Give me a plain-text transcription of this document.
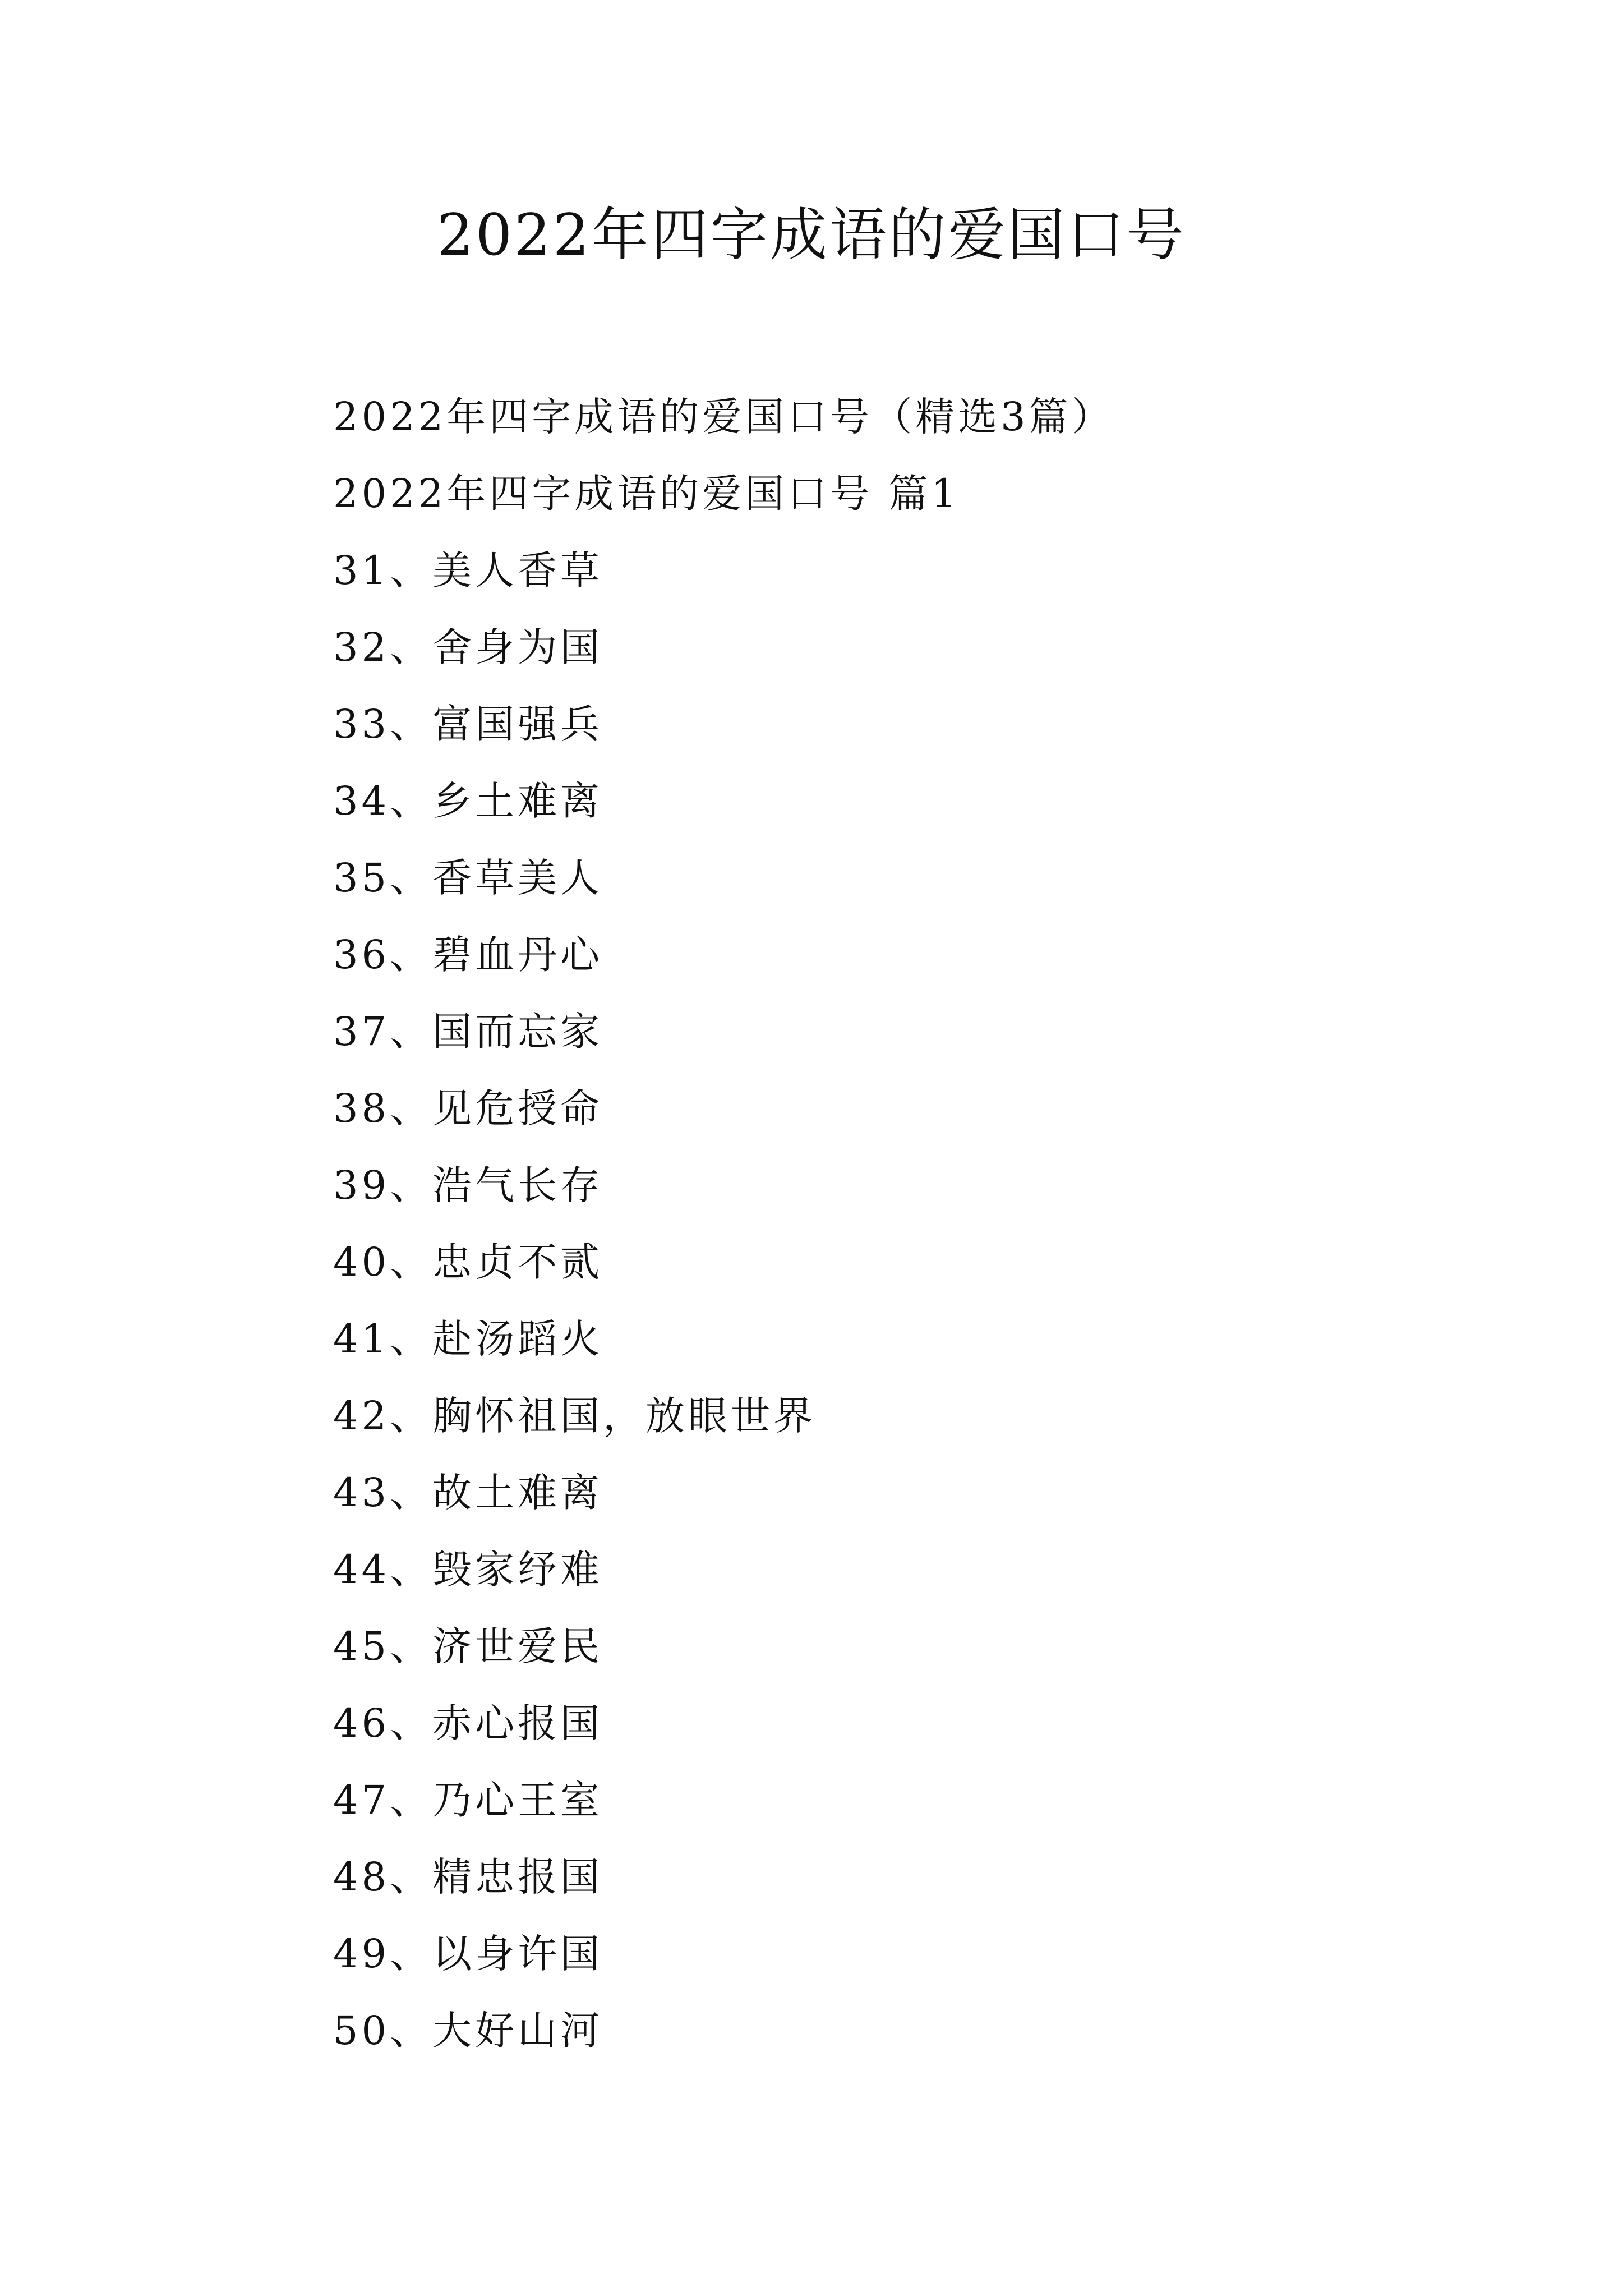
2022年四字成语的爱国口号
2022年四字成语的爱国口号（精选3篇）
2022年四字成语的爱国口号 篇1
31、美人香草
32、舍身为国
33、富国强兵
34、乡土难离
35、香草美人
36、碧血丹心
37、国而忘家
38、见危授命
39、浩气长存
40、忠贞不贰
41、赴汤蹈火
42、胸怀祖国，放眼世界
43、故土难离
44、毁家纾难
45、济世爱民
46、赤心报国
47、乃心王室
48、精忠报国
49、以身许国
50、大好山河
